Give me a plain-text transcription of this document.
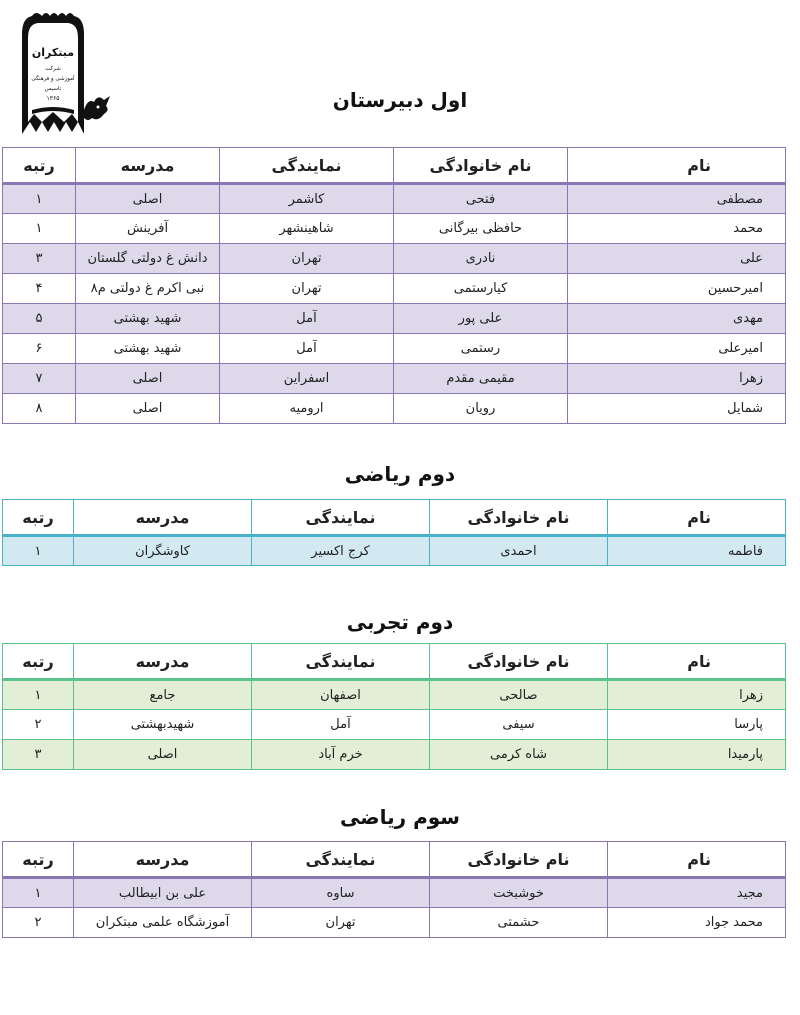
مبتکران
شرکت
آموزشی و فرهنگی
تاسیس
۱۳۶۵	اول دبیرستان
نام	نام خانوادگی	نمایندگی	مدرسه	رتبه
مصطفی	فتحی	کاشمر	اصلی	۱
محمد	حافظی بیرگانی	شاهینشهر	آفرینش	۱
علی	نادری	تهران	دانش غ دولتی گلستان	۳
امیرحسین	کیارستمی	تهران	نبی اکرم غ دولتی م۸	۴
مهدی	علی پور	آمل	شهید بهشتی	۵
امیرعلی	رستمی	آمل	شهید بهشتی	۶
زهرا	مقیمی مقدم	اسفراین	اصلی	۷
شمایل	رویان	ارومیه	اصلی	۸
دوم ریاضی
نام	نام خانوادگی	نمایندگی	مدرسه	رتبه
فاطمه	احمدی	کرج اکسیر	کاوشگران	۱
دوم تجربی
نام	نام خانوادگی	نمایندگی	مدرسه	رتبه
زهرا	صالحی	اصفهان	جامع	۱
پارسا	سیفی	آمل	شهیدبهشتی	۲
پارمیدا	شاه کرمی	خرم آباد	اصلی	۳
سوم ریاضی
نام	نام خانوادگی	نمایندگی	مدرسه	رتبه
مجید	خوشبخت	ساوه	علی بن ابیطالب	۱
محمد جواد	حشمتی	تهران	آموزشگاه علمی مبتکران	۲
